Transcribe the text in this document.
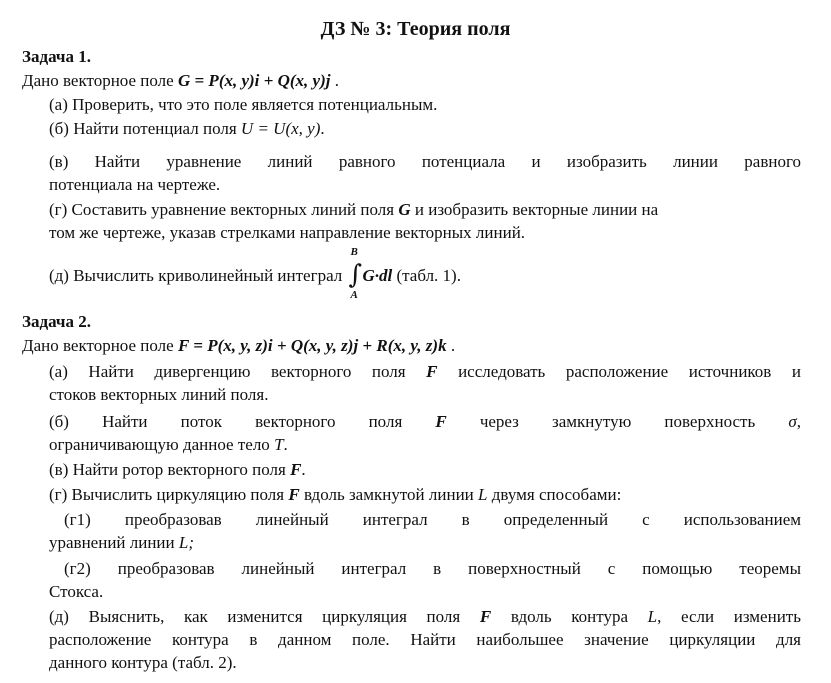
ДЗ № 3: Теория поля
Задача 1.
Дано векторное поле G = P(x, y)i + Q(x, y)j .
(а) Проверить, что это поле является потенциальным.
(б) Найти потенциал поля U = U(x, y).
(в) Найти уравнение линий равного потенциала и изобразить линии равного
потенциала на чертеже.
(г) Составить уравнение векторных линий поля G и изобразить векторные линии на
том же чертеже, указав стрелками направление векторных линий.
(д) Вычислить криволинейный интеграл
B
∫
A
G·dl (табл. 1).
Задача 2.
Дано векторное поле F = P(x, y, z)i + Q(x, y, z)j + R(x, y, z)k .
(а) Найти дивергенцию векторного поля F исследовать расположение источников и
стоков векторных линий поля.
(б) Найти поток векторного поля F через замкнутую поверхность σ,
ограничивающую данное тело T.
(в) Найти ротор векторного поля F.
(г) Вычислить циркуляцию поля F вдоль замкнутой линии L двумя способами:
(г1) преобразовав линейный интеграл в определенный с использованием
уравнений линии L;
(г2) преобразовав линейный интеграл в поверхностный с помощью теоремы
Стокса.
(д) Выяснить, как изменится циркуляция поля F вдоль контура L, если изменить
расположение контура в данном поле. Найти наибольшее значение циркуляции для
данного контура (табл. 2).
